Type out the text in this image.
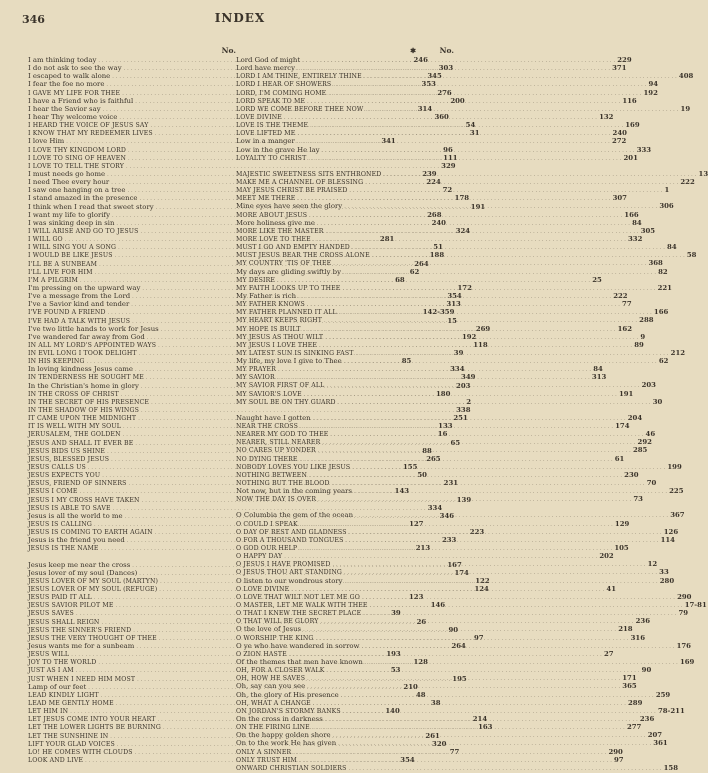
346	INDEX
No.
I am thinking today . . .	246
I do not ask to see the way . . .	303
I escaped to walk alone . . .	345
I fear the foe no more . . .	353
I GAVE MY LIFE FOR THEE . . .	276
I have a Friend who is faithful . . .	200
I hear the Savior say . . .	314
I hear Thy welcome voice . . .	360
I HEARD THE VOICE OF JESUS SAY . . .	54
I KNOW THAT MY REDEEMER LIVES . . .	31
I love Him . . .	341
I LOVE THY KINGDOM LORD . . .	96
I LOVE TO SING OF HEAVEN . . .	111
I LOVE TO TELL THE STORY . . .	329
I must needs go home . . .	239
I need Thee every hour . . .	224
I saw one hanging on a tree . . .	72
I stand amazed in the presence . . .	178
I think when I read that sweet story . . .	191
I want my life to glorify . . .	268
I was sinking deep in sin . . .	240
I WILL ARISE AND GO TO JESUS . . .	324
I WILL GO . . .	281
I WILL SING YOU A SONG . . .	51
I WOULD BE LIKE JESUS . . .	188
I'LL BE A SUNBEAM . . .	264
I'LL LIVE FOR HIM . . .	62
I'M A PILGRIM . . .	68
I'm pressing on the upward way . . .	172
I've a message from the Lord . . .	354
I've a Savior kind and tender . . .	313
I'VE FOUND A FRIEND . . .	142-359
I'VE HAD A TALK WITH JESUS . . .	15
I've two little hands to work for Jesus . . .	269
I've wandered far away from God . . .	192
IN ALL MY LORD'S APPOINTED WAYS . . .	118
IN EVIL LONG I TOOK DELIGHT . . .	39
IN HIS KEEPING . . .	85
In loving kindness Jesus came . . .	334
IN TENDERNESS HE SOUGHT ME . . .	349
In the Christian's home in glory . . .	203
IN THE CROSS OF CHRIST . . .	180
IN THE SECRET OF HIS PRESENCE . . .	2
IN THE SHADOW OF HIS WINGS . . .	338
IT CAME UPON THE MIDNIGHT . . .	251
IT IS WELL WITH MY SOUL . . .	133
JERUSALEM, THE GOLDEN . . .	16
JESUS AND SHALL IT EVER BE . . .	65
JESUS BIDS US SHINE . . .	88
JESUS, BLESSED JESUS . . .	265
JESUS CALLS US . . .	155
JESUS EXPECTS YOU . . .	50
JESUS, FRIEND OF SINNERS . . .	231
JESUS I COME . . .	143
JESUS I MY CROSS HAVE TAKEN . . .	139
JESUS IS ABLE TO SAVE . . .	334
Jesus is all the world to me . . .	346
JESUS IS CALLING . . .	127
JESUS IS COMING TO EARTH AGAIN . . .	223
Jesus is the friend you need . . .	233
JESUS IS THE NAME . . .	213
Jesus keep me near the cross . . .	167
Jesus lover of my soul (Dances) . . .	174
JESUS LOVER OF MY SOUL (MARTYN) . . .	122
JESUS LOVER OF MY SOUL (REFUGE) . . .	124
JESUS PAID IT ALL . . .	123
JESUS SAVIOR PILOT ME . . .	146
JESUS SAVES . . .	39
JESUS SHALL REIGN . . .	26
JESUS THE SINNER'S FRIEND . . .	90
JESUS THE VERY THOUGHT OF THEE . . .	97
Jesus wants me for a sunbeam . . .	264
JESUS WILL . . .	193
JOY TO THE WORLD . . .	128
JUST AS I AM . . .	53
JUST WHEN I NEED HIM MOST . . .	195
Lamp of our feet . . .	210
LEAD KINDLY LIGHT . . .	48
LEAD ME GENTLY HOME . . .	38
LET HIM IN . . .	140
LET JESUS COME INTO YOUR HEART . . .	214
LET THE LOWER LIGHTS BE BURNING . . .	163
LET THE SUNSHINE IN . . .	261
LIFT YOUR GLAD VOICES . . .	320
LO! HE COMES WITH CLOUDS . . .	77
LOOK AND LIVE . . .	354
✱	No.
Lord God of might . . .	229
Lord have mercy . . .	371
LORD I AM THINE, ENTIRELY THINE . . .	408
LORD I HEAR OF SHOWERS . . .	94
LORD, I'M COMING HOME . . .	192
LORD SPEAK TO ME . . .	116
LORD WE COME BEFORE THEE NOW . . .	19
LOVE DIVINE . . .	132
LOVE IS THE THEME . . .	169
LOVE LIFTED ME . . .	240
Low in a manger . . .	272
Low in the grave He lay . . .	333
LOYALTY TO CHRIST . . .	201
MAJESTIC SWEETNESS SITS ENTHRONED . . .	13
MAKE ME A CHANNEL OF BLESSING . . .	222
MAY JESUS CHRIST BE PRAISED . . .	1
MEET ME THERE . . .	307
Mine eyes have seen the glory . . .	306
MORE ABOUT JESUS . . .	166
More holiness give me . . .	84
MORE LIKE THE MASTER . . .	305
MORE LOVE TO THEE . . .	332
MUST I GO AND EMPTY HANDED . . .	84
MUST JESUS BEAR THE CROSS ALONE . . .	58
MY COUNTRY 'TIS OF THEE . . .	368
My days are gliding swiftly by . . .	82
MY DESIRE . . .	25
MY FAITH LOOKS UP TO THEE . . .	221
My Father is rich . . .	222
MY FATHER KNOWS . . .	77
MY FATHER PLANNED IT ALL . . .	166
MY HEART KEEPS RIGHT . . .	288
MY HOPE IS BUILT . . .	162
MY JESUS AS THOU WILT . . .	9
MY JESUS I LOVE THEE . . .	89
MY LATEST SUN IS SINKING FAST . . .	212
My life, my love I give to Thee . . .	62
MY PRAYER . . .	84
MY SAVIOR . . .	313
MY SAVIOR FIRST OF ALL . . .	203
MY SAVIOR'S LOVE . . .	191
MY SOUL BE ON THY GUARD . . .	30
Naught have I gotten . . .	204
NEAR THE CROSS . . .	174
NEARER MY GOD TO THEE . . .	46
NEARER, STILL NEARER . . .	292
NO CARES UP YONDER . . .	285
NO DYING THERE . . .	61
NOBODY LOVES YOU LIKE JESUS . . .	199
NOTHING BETWEEN . . .	230
NOTHING BUT THE BLOOD . . .	70
Not now, but in the coming years . . .	225
NOW THE DAY IS OVER . . .	73
O Columbia the gem of the ocean . . .	367
O COULD I SPEAK . . .	129
O DAY OF REST AND GLADNESS . . .	126
O FOR A THOUSAND TONGUES . . .	114
O GOD OUR HELP . . .	105
O HAPPY DAY . . .	202
O JESUS I HAVE PROMISED . . .	12
O JESUS THOU ART STANDING . . .	33
O listen to our wondrous story . . .	280
O LOVE DIVINE . . .	41
O LOVE THAT WILT NOT LET ME GO . . .	290
O MASTER, LET ME WALK WITH THEE . . .	17-81
O THAT I KNEW THE SECRET PLACE . . .	79
O THAT WILL BE GLORY . . .	236
O the love of Jesus . . .	218
O WORSHIP THE KING . . .	316
O ye who have wandered in sorrow . . .	176
O ZION HASTE . . .	27
Of the themes that men have known . . .	169
OH, FOR A CLOSER WALK . . .	90
OH, HOW HE SAVES . . .	171
Oh, say can you see . . .	365
Oh, the glory of His presence . . .	259
OH, WHAT A CHANGE . . .	289
ON JORDAN'S STORMY BANKS . . .	78-211
On the cross in darkness . . .	236
ON THE FIRING LINE . . .	277
On the happy golden shore . . .	207
On to the work He has given . . .	361
ONLY A SINNER . . .	290
ONLY TRUST HIM . . .	97
ONWARD CHRISTIAN SOLDIERS . . .	158
